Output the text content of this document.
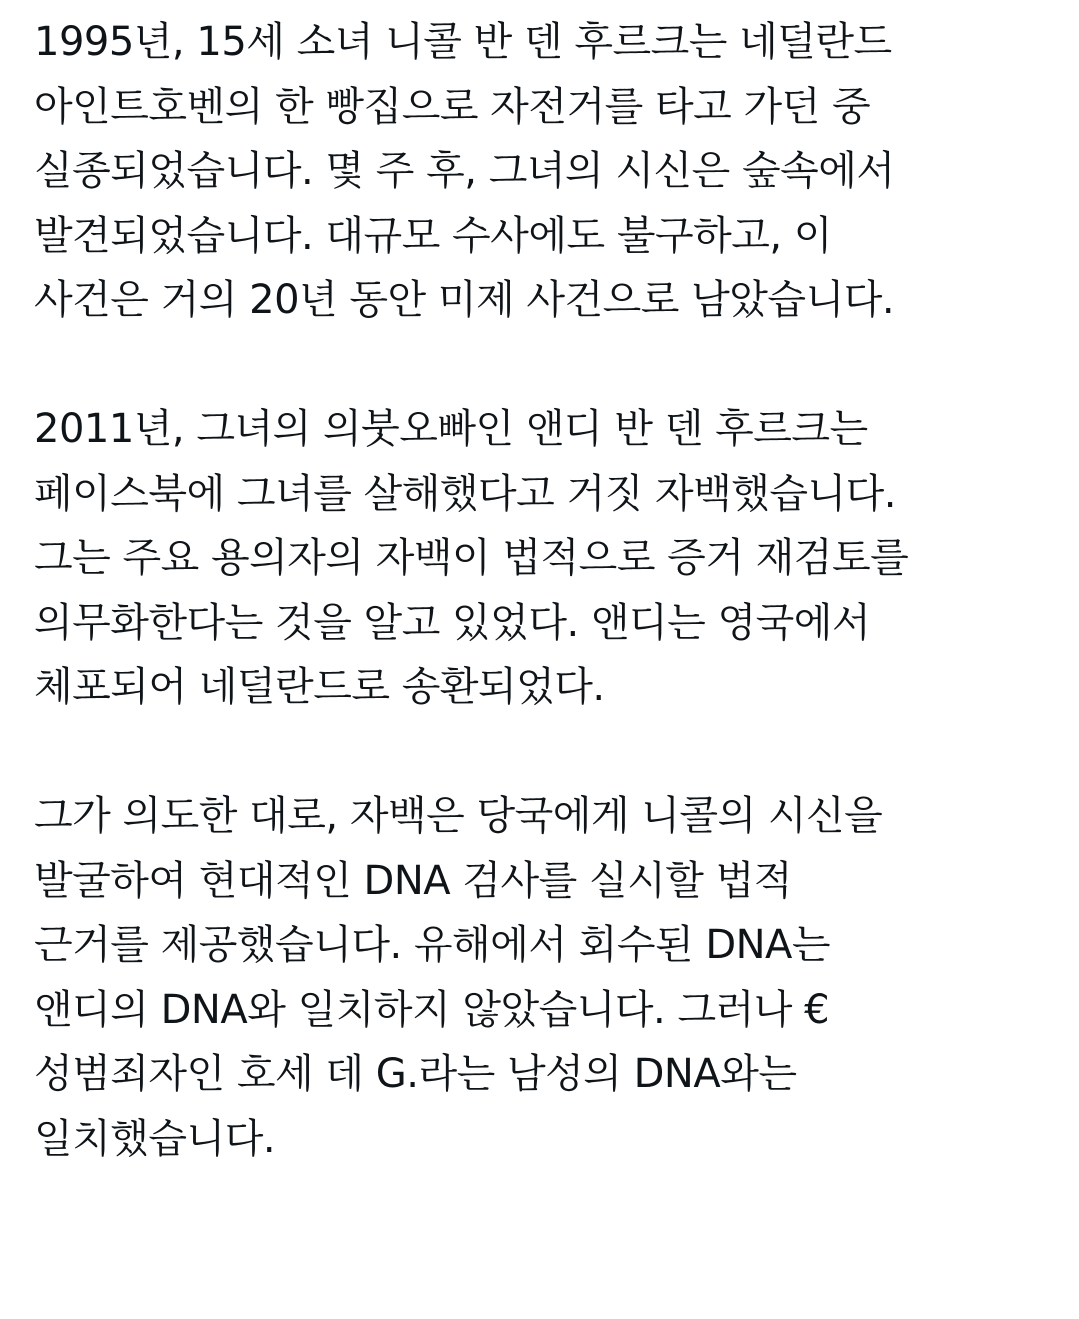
1995년, 15세 소녀 니콜 반 덴 후르크는 네덜란드
아인트호벤의 한 빵집으로 자전거를 타고 가던 중
실종되었습니다. 몇 주 후, 그녀의 시신은 숲속에서
발견되었습니다. 대규모 수사에도 불구하고, 이
사건은 거의 20년 동안 미제 사건으로 남았습니다.
2011년, 그녀의 의붓오빠인 앤디 반 덴 후르크는
페이스북에 그녀를 살해했다고 거짓 자백했습니다.
그는 주요 용의자의 자백이 법적으로 증거 재검토를
의무화한다는 것을 알고 있었다. 앤디는 영국에서
체포되어 네덜란드로 송환되었다.
그가 의도한 대로, 자백은 당국에게 니콜의 시신을
발굴하여 현대적인 DNA 검사를 실시할 법적
근거를 제공했습니다. 유해에서 회수된 DNA는
앤디의 DNA와 일치하지 않았습니다. 그러나 €
성범죄자인 호세 데 G.라는 남성의 DNA와는
일치했습니다.
